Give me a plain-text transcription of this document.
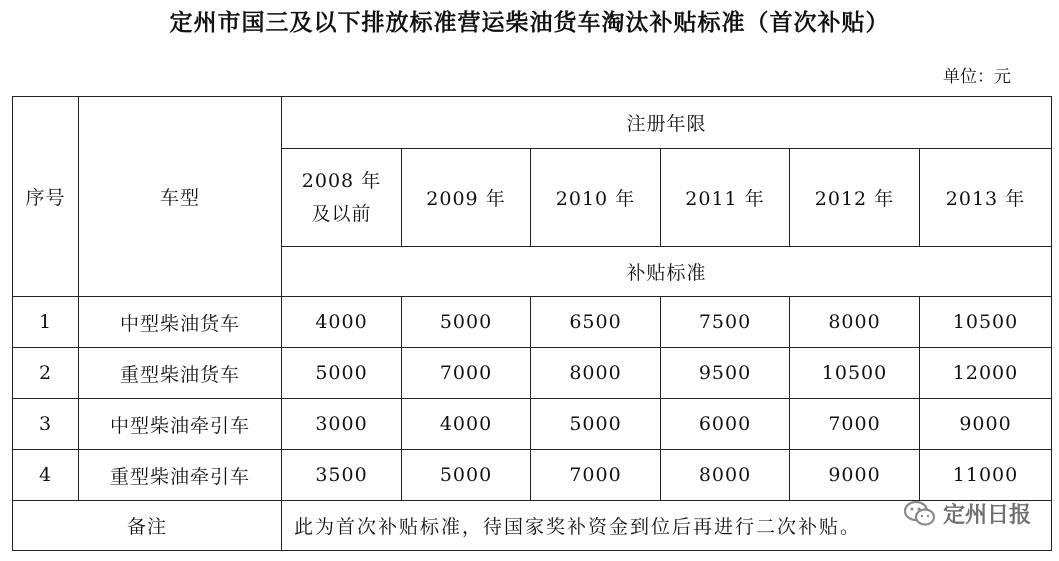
定州市国三及以下排放标准营运柴油货车淘汰补贴标准（首次补贴）
单位：元
序号	车型	注册年限					
		2008 年及以前	2009 年	2010 年	2011 年	2012 年	2013 年
		补贴标准					
1	中型柴油货车	4000	5000	6500	7500	8000	10500
2	重型柴油货车	5000	7000	8000	9500	10500	12000
3	中型柴油牵引车	3000	4000	5000	6000	7000	9000
4	重型柴油牵引车	3500	5000	7000	8000	9000	11000
备注		此为首次补贴标准，待国家奖补资金到位后再进行二次补贴。						定州日报
